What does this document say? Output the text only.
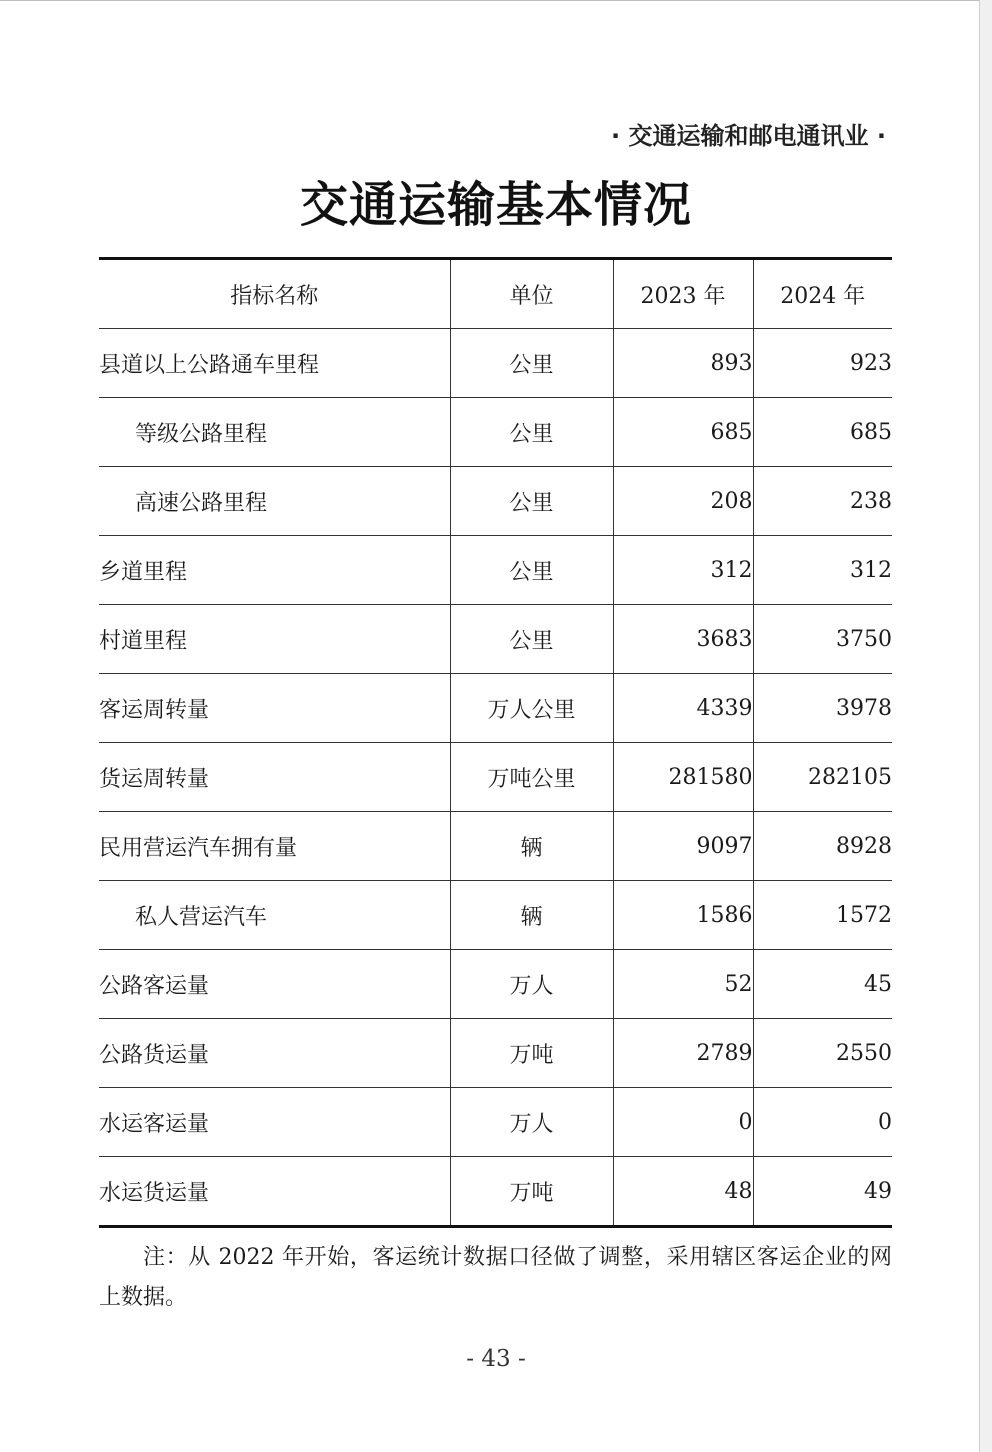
· 交通运输和邮电通讯业 ·
交通运输基本情况
指标名称	单位	2023 年	2024 年
县道以上公路通车里程	公里	893	923
等级公路里程	公里	685	685
高速公路里程	公里	208	238
乡道里程	公里	312	312
村道里程	公里	3683	3750
客运周转量	万人公里	4339	3978
货运周转量	万吨公里	281580	282105
民用营运汽车拥有量	辆	9097	8928
私人营运汽车	辆	1586	1572
公路客运量	万人	52	45
公路货运量	万吨	2789	2550
水运客运量	万人	0	0
水运货运量	万吨	48	49
注：从 2022 年开始，客运统计数据口径做了调整，采用辖区客运企业的网上数据。
- 43 -
